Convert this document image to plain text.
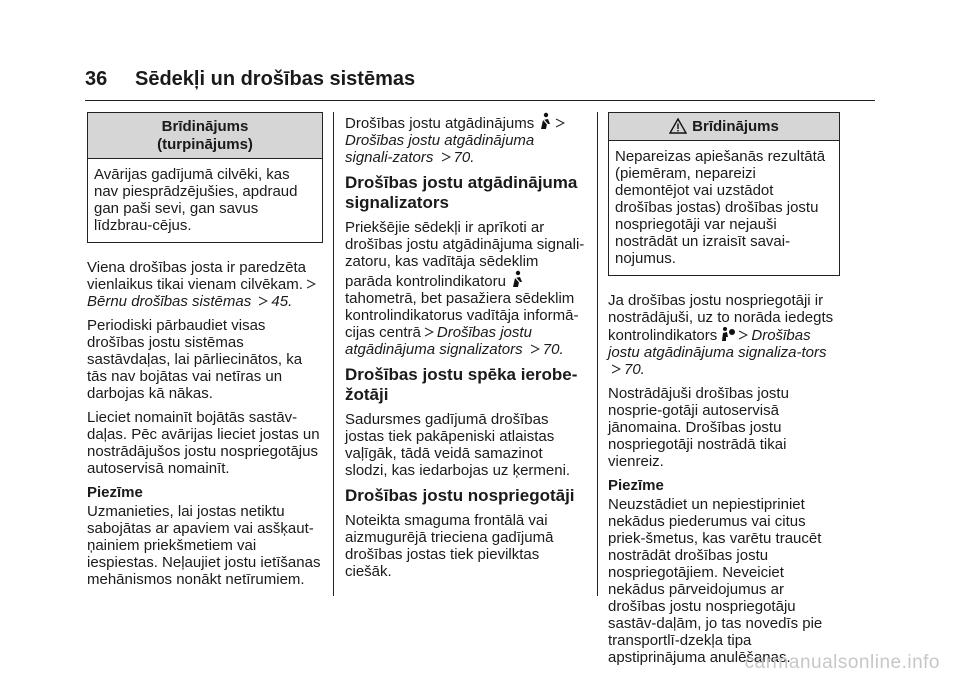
36 Sēdekļi un drošības sistēmas
Brīdinājums
(turpinājums)
Avārijas gadījumā cilvēki, kas nav piesprādzējušies, apdraud gan paši sevi, gan savus līdzbrau-cējus.

Viena drošības josta ir paredzēta vienlaikus tikai vienam cilvēkam.Bērnu drošības sistēmas 45.

Periodiski pārbaudiet visas drošības jostu sistēmas sastāvdaļas, lai pārliecinātos, ka tās nav bojātas vai netīras un darbojas kā nākas.

Lieciet nomainīt bojātās sastāv-daļas. Pēc avārijas lieciet jostas un nostrādājušos jostu nospriegotājus autoservisā nomainīt.

Piezīme

Uzmanieties, lai jostas netiktu sabojātas ar apaviem vai asšķaut-ņainiem priekšmetiem vai iespiestas. Neļaujiet jostu ietīšanas mehānismos nonākt netīrumiem.

Drošības jostu atgādinājums
Drošības jostu atgādinājuma signali-zators 70.

Drošības jostu atgādinājuma signalizators

Priekšējie sēdekļi ir aprīkoti ar drošības jostu atgādinājuma signali-zatoru, kas vadītāja sēdeklim parāda kontrolindikatoru  tahometrā, bet pasažiera sēdeklim kontrolindikatorus vadītāja informā-cijas centrā Drošības jostu atgādinājuma signalizators 70.

Drošības jostu spēka ierobe-žotāji

Sadursmes gadījumā drošības jostas tiek pakāpeniski atlaistas vaļīgāk, tādā veidā samazinot slodzi, kas iedarbojas uz ķermeni.

Drošības jostu nospriegotāji

Noteikta smaguma frontālā vai aizmugurējā trieciena gadījumā drošības jostas tiek pievilktas ciešāk.

Brīdinājums
Nepareizas apiešanās rezultātā (piemēram, nepareizi demontējot vai uzstādot drošības jostas) drošības jostu nospriegotāji var nejauši nostrādāt un izraisīt savai-nojumus.

Ja drošības jostu nospriegotāji ir nostrādājuši, uz to norāda iedegts kontrolindikators Drošības jostu atgādinājuma signaliza-tors 70.

Nostrādājuši drošības jostu nosprie-gotāji autoservisā jānomaina. Drošības jostu nospriegotāji nostrādā tikai vienreiz.

Piezīme

Neuzstādiet un nepiestipriniet nekādus piederumus vai citus priek-šmetus, kas varētu traucēt nostrādāt drošības jostu nospriegotājiem. Neveiciet nekādus pārveidojumus ar drošības jostu nospriegotāju sastāv-daļām, jo tas novedīs pie transportlī-dzekļa tipa apstiprinājuma anulēšanas.

carmanualsonline.info
